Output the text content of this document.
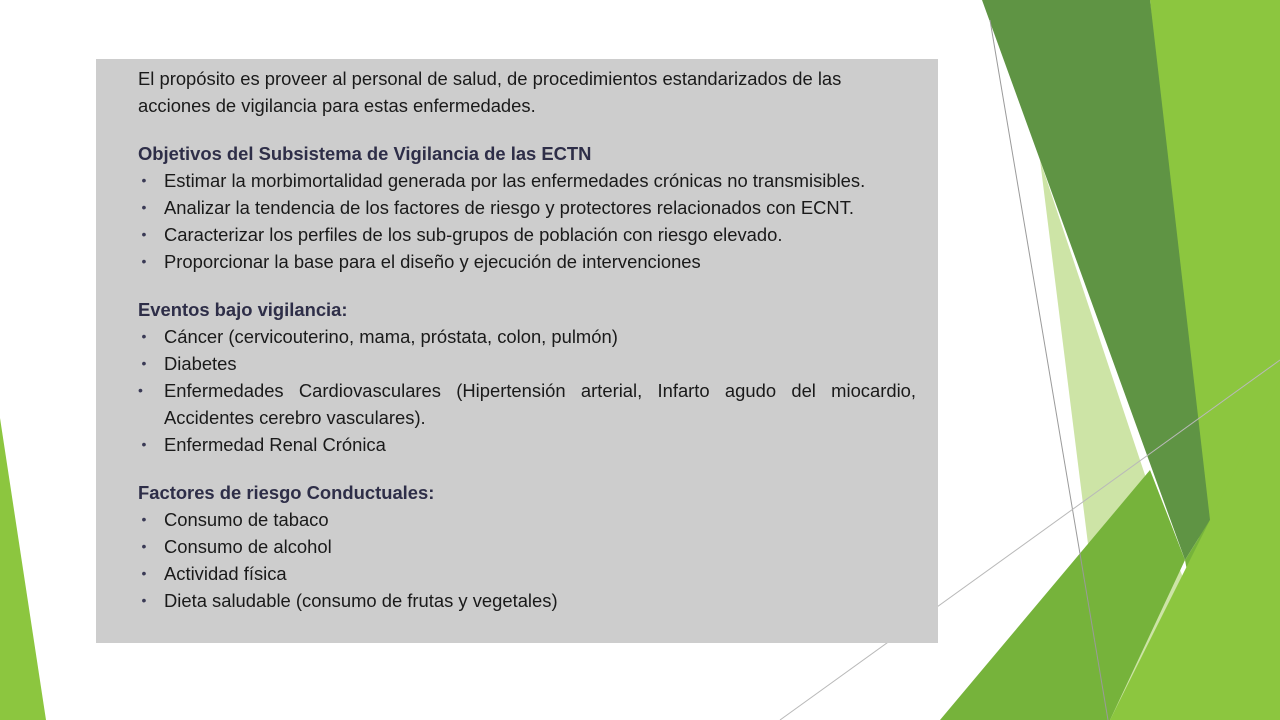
El propósito es proveer al personal de salud, de procedimientos estandarizados de las acciones de vigilancia para estas enfermedades.

Objetivos del Subsistema de Vigilancia de las ECTN
• Estimar la morbimortalidad generada por las enfermedades crónicas no transmisibles.
• Analizar la tendencia de los factores de riesgo y protectores relacionados con ECNT.
• Caracterizar los perfiles de los sub-grupos de población con riesgo elevado.
• Proporcionar la base para el diseño y ejecución de intervenciones
Eventos bajo vigilancia:
• Cáncer (cervicouterino, mama, próstata, colon, pulmón)
• Diabetes
•	Enfermedades Cardiovasculares (Hipertensión arterial, Infarto agudo del miocardio, Accidentes cerebro vasculares).
• Enfermedad Renal Crónica
Factores de riesgo Conductuales:
• Consumo de tabaco
• Consumo de alcohol
• Actividad física
• Dieta saludable (consumo de frutas y vegetales)
